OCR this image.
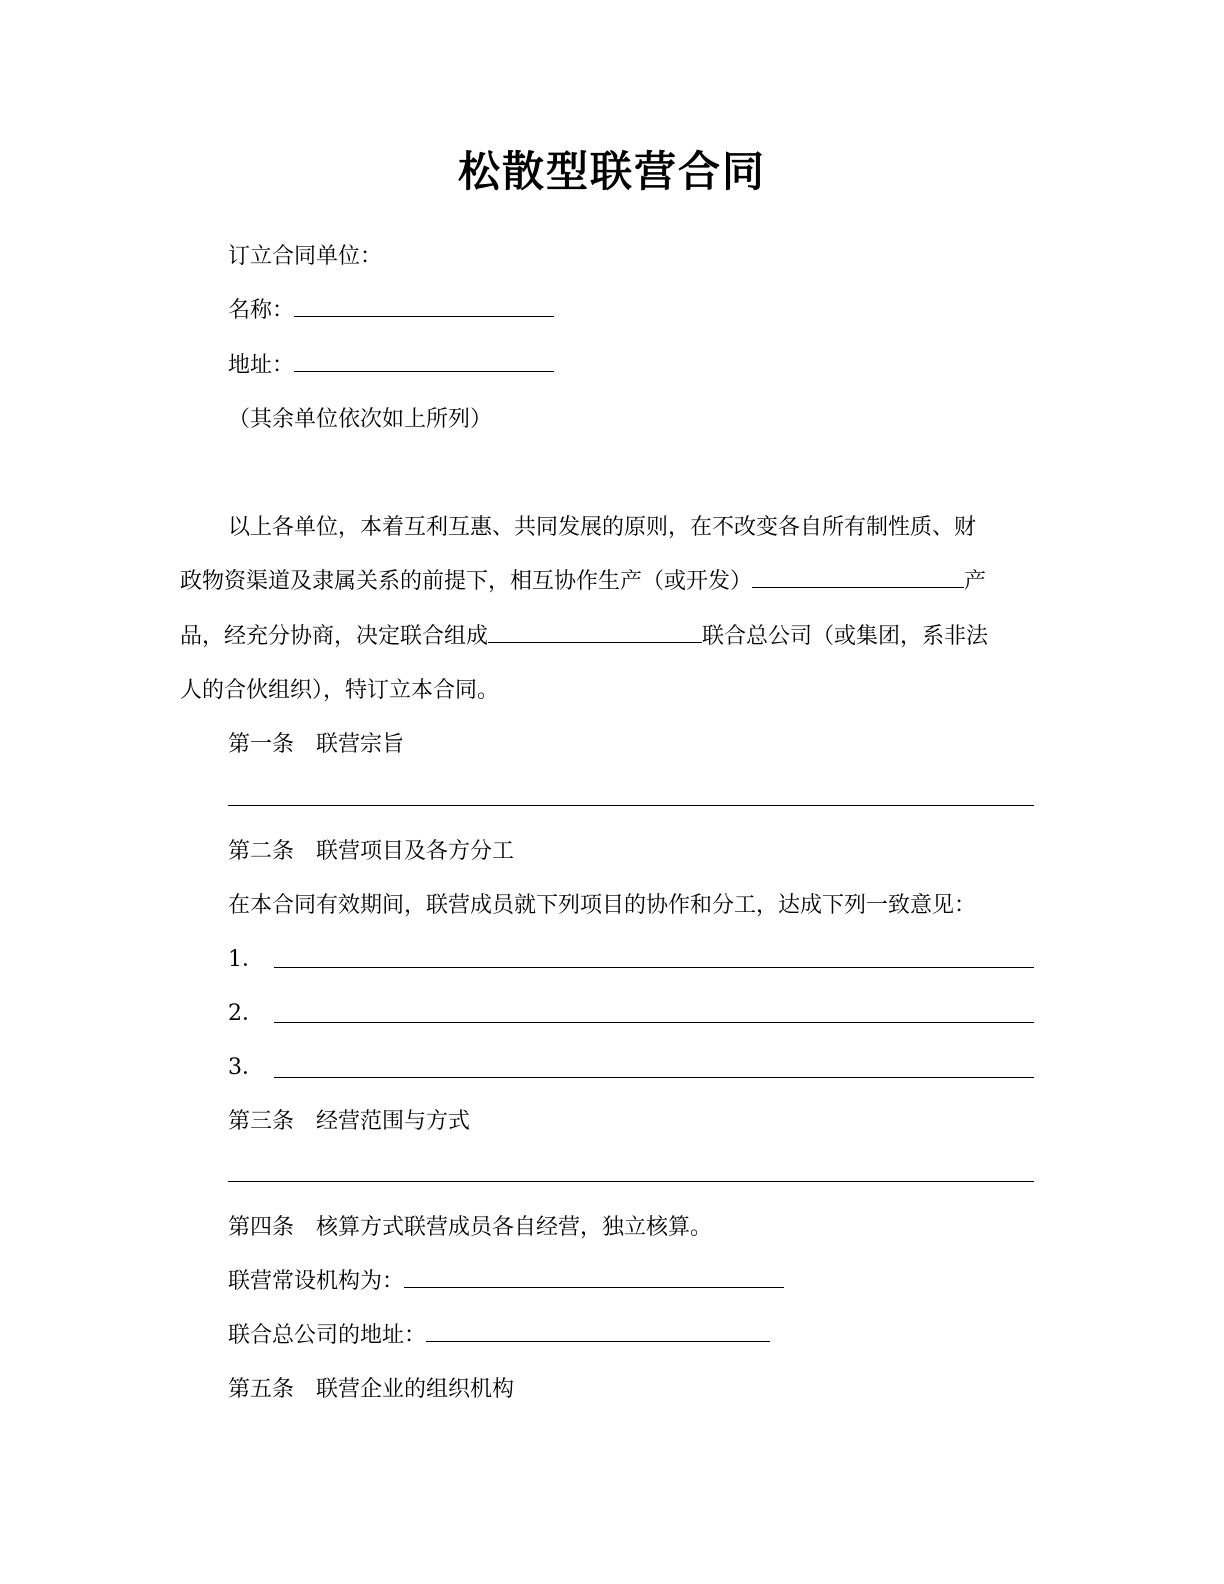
松散型联营合同
订立合同单位：
名称：
地址：
（其余单位依次如上所列）
以上各单位，本着互利互惠、共同发展的原则，在不改变各自所有制性质、财
政物资渠道及隶属关系的前提下，相互协作生产（或开发）	产
品，经充分协商，决定联合组成	联合总公司（或集团，系非法
人的合伙组织），特订立本合同。
第一条　联营宗旨
第二条　联营项目及各方分工
在本合同有效期间，联营成员就下列项目的协作和分工，达成下列一致意见：
1．
2．
3．
第三条　经营范围与方式
第四条　核算方式联营成员各自经营，独立核算。
联营常设机构为：
联合总公司的地址：
第五条　联营企业的组织机构
